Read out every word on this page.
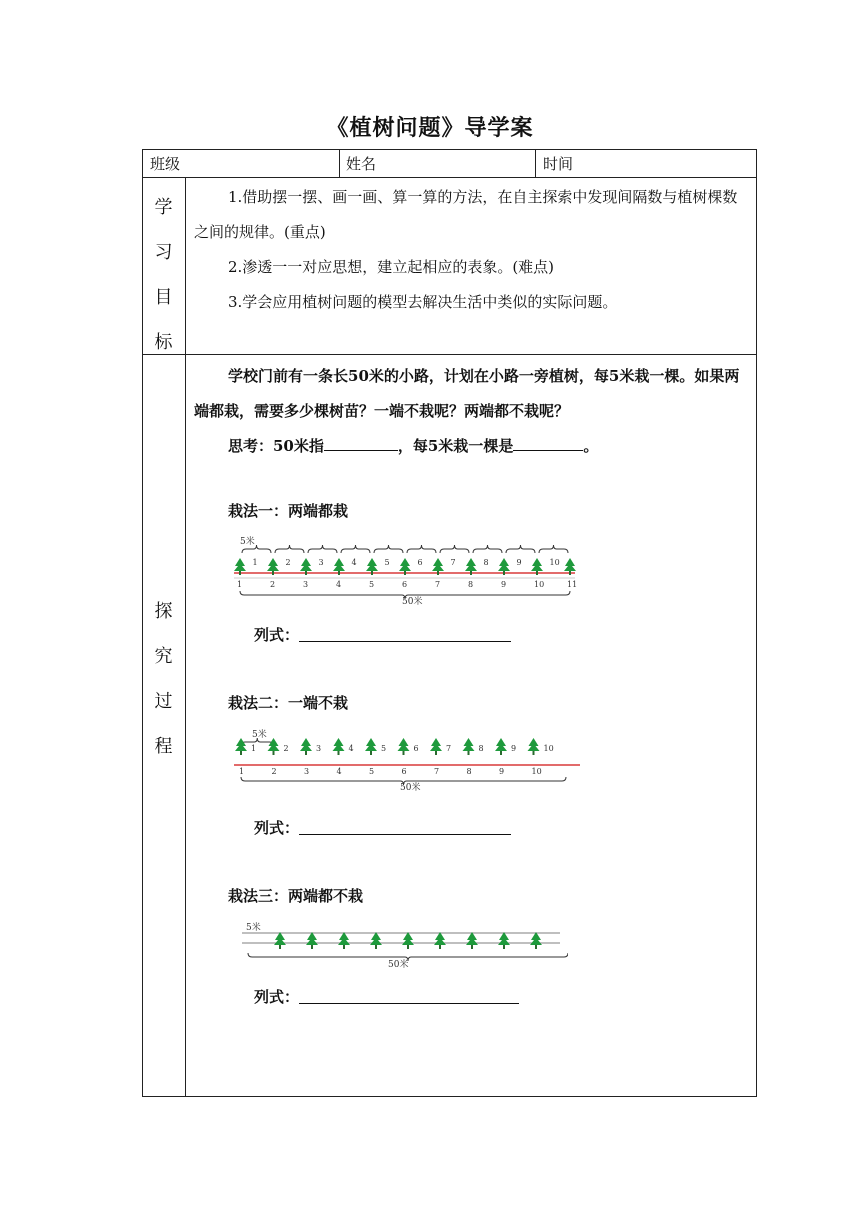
《植树问题》导学案
班级	姓名	时间
学
习
目
标
1.借助摆一摆、画一画、算一算的方法，在自主探索中发现间隔数与植树棵数之间的规律。(重点)
2.渗透一一对应思想，建立起相应的表象。(难点)
3.学会应用植树问题的模型去解决生活中类似的实际问题。
探
究
过
程
学校门前有一条长50米的小路，计划在小路一旁植树，每5米栽一棵。如果两端都栽，需要多少棵树苗？一端不栽呢？两端都不栽呢？
思考：50米指	，每5米栽一棵是	。
栽法一：两端都栽
5米
1	2	3	4	5	6	7	8	9	10	11
1	2	3	4	5	6	7	8	9	10
50米
列式：
栽法二：一端不栽
5米
1	2	3	4	5	6	7	8	9	10
1	2	3	4	5	6	7	8	9	10
50米
列式：
栽法三：两端都不栽
5米
50米
列式：
